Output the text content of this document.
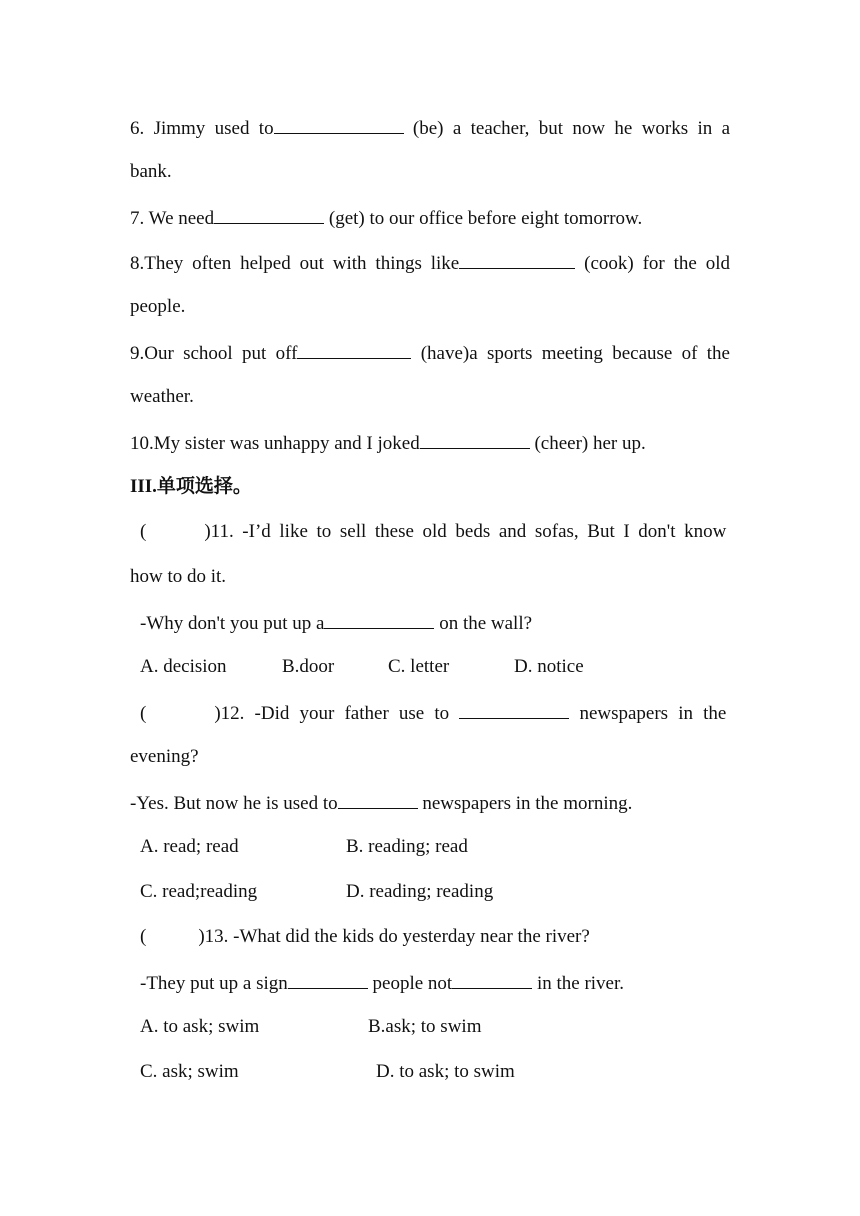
6. Jimmy used to	(be) a teacher, but now he works in a
bank.
7. We need	(get) to our office before eight tomorrow.
8.They often helped out with things like	(cook) for the old
people.
9.Our school put off	(have)a sports meeting because of the
weather.
10.My sister was unhappy and I joked	(cheer) her up.
III.单项选择。
(	)11. -I’d like to sell these old beds and sofas, But I don't know
how to do it.
-Why don't you put up a	on the wall?
A. decision	B.door	C. letter	D. notice
(	)12. -Did your father use to	newspapers in the
evening?
-Yes. But now he is used to	newspapers in the morning.
A. read; read	B. reading; read
C. read;reading	D. reading; reading
(	)13. -What did the kids do yesterday near the river?
-They put up a sign	people not	in the river.
A. to ask; swim	B.ask; to swim
C. ask; swim	D. to ask; to swim
